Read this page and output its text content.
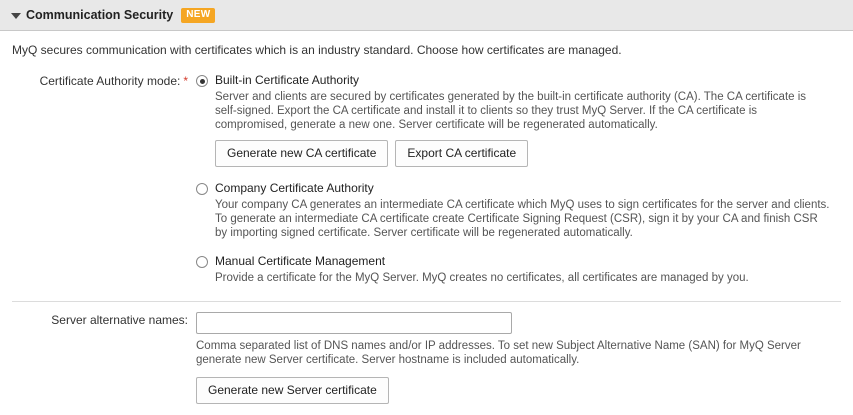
Communication Security	NEW
MyQ secures communication with certificates which is an industry standard. Choose how certificates are managed.
Certificate Authority mode: *	Built-in Certificate Authority
Server and clients are secured by certificates generated by the built-in certificate authority (CA). The CA certificate is self-signed. Export the CA certificate and install it to clients so they trust MyQ Server. If the CA certificate is compromised, generate a new one. Server certificate will be regenerated automatically.
Generate new CA certificate	Export CA certificate
Company Certificate Authority
Your company CA generates an intermediate CA certificate which MyQ uses to sign certificates for the server and clients. To generate an intermediate CA certificate create Certificate Signing Request (CSR), sign it by your CA and finish CSR by importing signed certificate. Server certificate will be regenerated automatically.
Manual Certificate Management
Provide a certificate for the MyQ Server. MyQ creates no certificates, all certificates are managed by you.
Server alternative names:
Comma separated list of DNS names and/or IP addresses. To set new Subject Alternative Name (SAN) for MyQ Server generate new Server certificate. Server hostname is included automatically.
Generate new Server certificate
